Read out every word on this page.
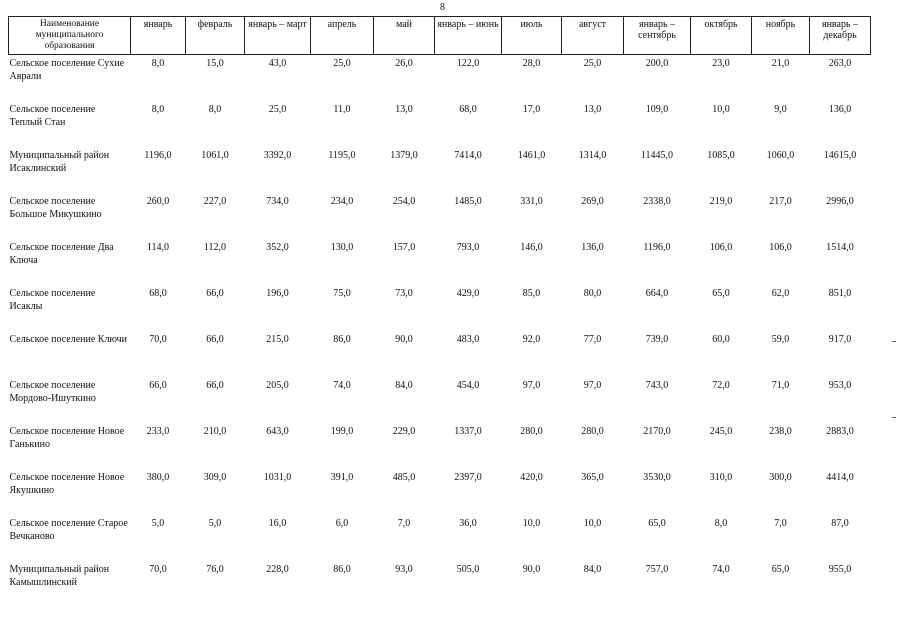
8
Наименование муниципального образования	январь	февраль	январь – март	апрель	май	январь – июнь	июль	август	январь – сентябрь	октябрь	ноябрь	январь – декабрь
Сельское поселение Сухие Аврали	8,0	15,0	43,0	25,0	26,0	122,0	28,0	25,0	200,0	23,0	21,0	263,0
Сельское поселение Теплый Стан	8,0	8,0	25,0	11,0	13,0	68,0	17,0	13,0	109,0	10,0	9,0	136,0
Муниципальный район Исаклинский	1196,0	1061,0	3392,0	1195,0	1379,0	7414,0	1461,0	1314,0	11445,0	1085,0	1060,0	14615,0
Сельское поселение Большое Микушкино	260,0	227,0	734,0	234,0	254,0	1485,0	331,0	269,0	2338,0	219,0	217,0	2996,0
Сельское поселение Два Ключа	114,0	112,0	352,0	130,0	157,0	793,0	146,0	136,0	1196,0	106,0	106,0	1514,0
Сельское поселение Исаклы	68,0	66,0	196,0	75,0	73,0	429,0	85,0	80,0	664,0	65,0	62,0	851,0
Сельское поселение Ключи	70,0	66,0	215,0	86,0	90,0	483,0	92,0	77,0	739,0	60,0	59,0	917,0
Сельское поселение Мордово-Ишуткино	66,0	66,0	205,0	74,0	84,0	454,0	97,0	97,0	743,0	72,0	71,0	953,0
Сельское поселение Новое Ганькино	233,0	210,0	643,0	199,0	229,0	1337,0	280,0	280,0	2170,0	245,0	238,0	2883,0
Сельское поселение Новое Якушкино	380,0	309,0	1031,0	391,0	485,0	2397,0	420,0	365,0	3530,0	310,0	300,0	4414,0
Сельское поселение Старое Вечканово	5,0	5,0	16,0	6,0	7,0	36,0	10,0	10,0	65,0	8,0	7,0	87,0
Муниципальный район Камышлинский	70,0	76,0	228,0	86,0	93,0	505,0	90,0	84,0	757,0	74,0	65,0	955,0
